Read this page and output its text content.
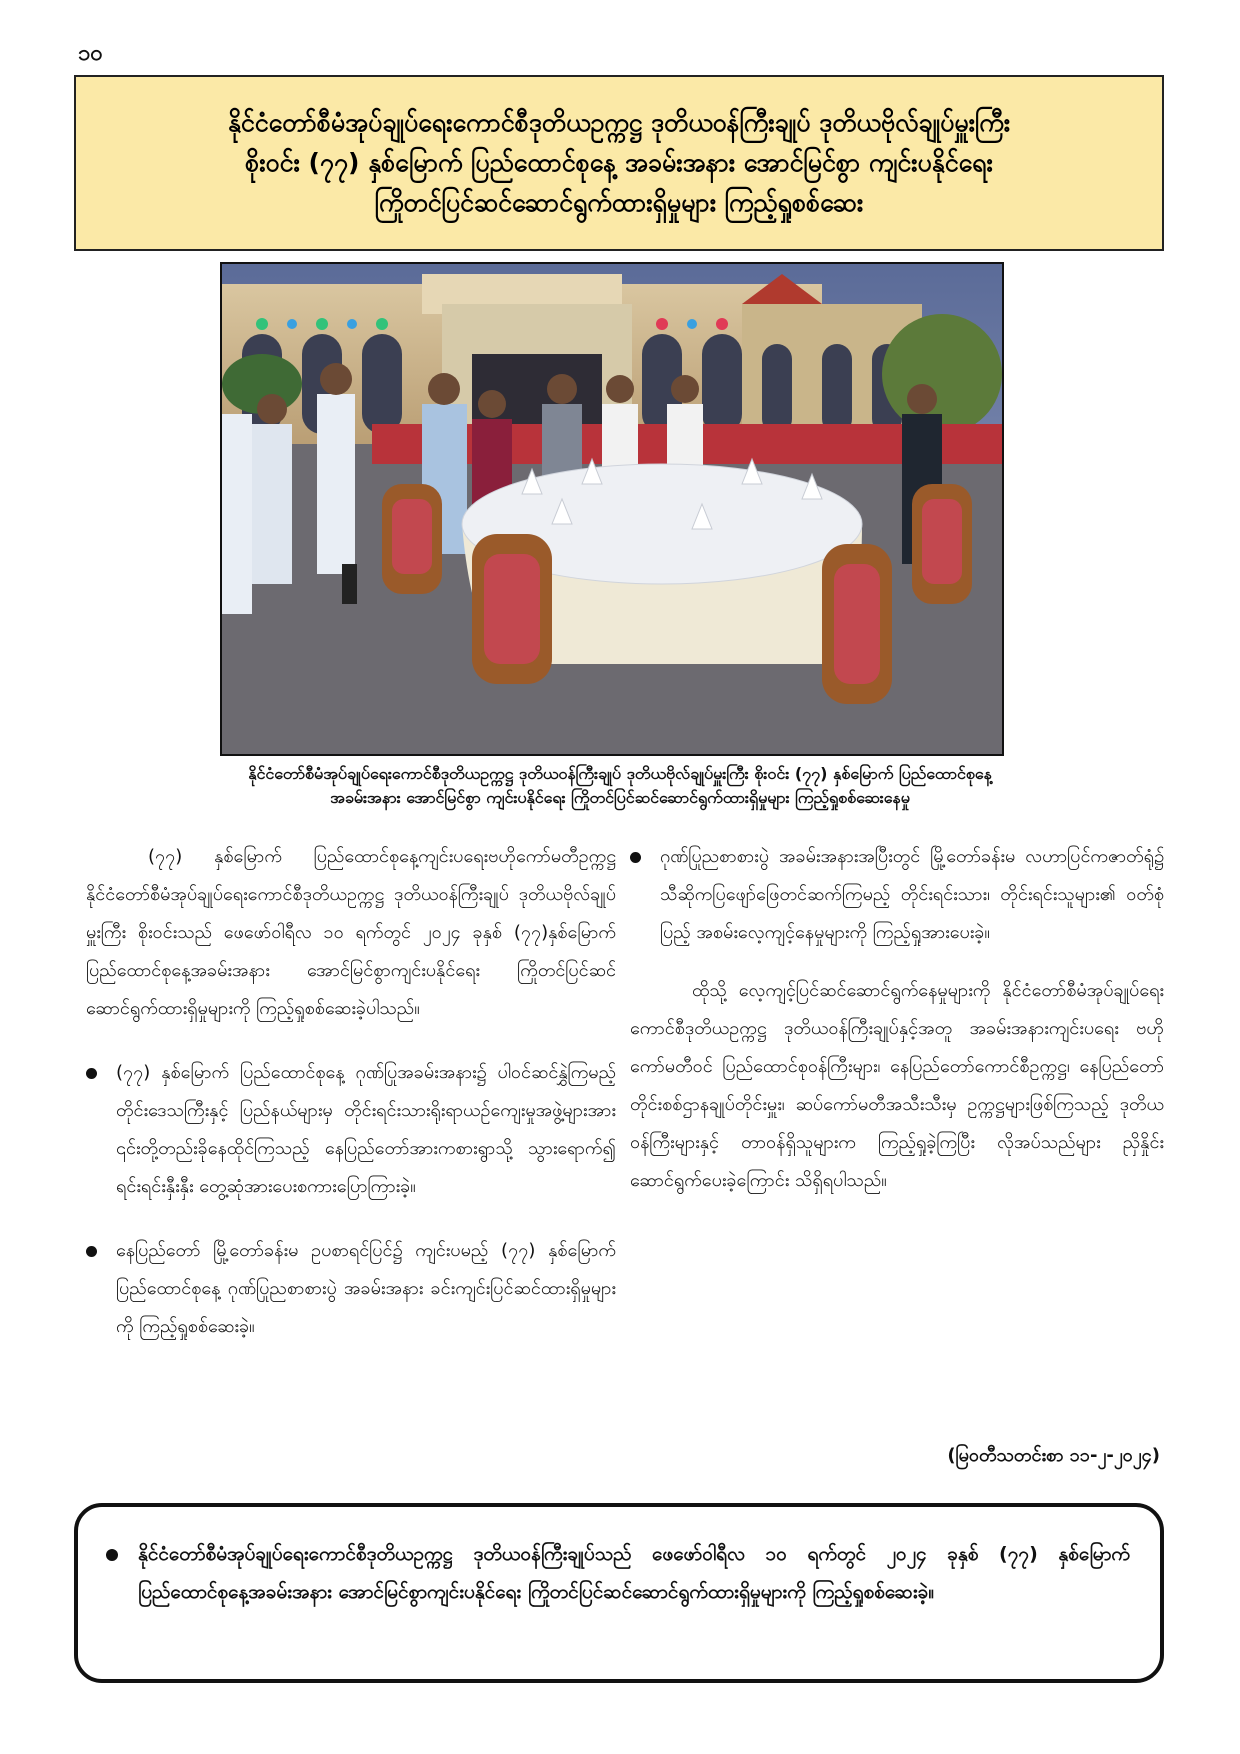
၁၀
နိုင်ငံတော်စီမံအုပ်ချုပ်ရေးကောင်စီဒုတိယဥက္ကဋ္ဌ ဒုတိယဝန်ကြီးချုပ် ဒုတိယဗိုလ်ချုပ်မှူးကြီး
စိုးဝင်း (၇၇) နှစ်မြောက် ပြည်ထောင်စုနေ့ အခမ်းအနား အောင်မြင်စွာ ကျင်းပနိုင်ရေး
ကြိုတင်ပြင်ဆင်ဆောင်ရွက်ထားရှိမှုများ ကြည့်ရှုစစ်ဆေး
နိုင်ငံတော်စီမံအုပ်ချုပ်ရေးကောင်စီဒုတိယဥက္ကဋ္ဌ ဒုတိယဝန်ကြီးချုပ် ဒုတိယဗိုလ်ချုပ်မှူးကြီး စိုးဝင်း (၇၇) နှစ်မြောက် ပြည်ထောင်စုနေ့
အခမ်းအနား အောင်မြင်စွာ ကျင်းပနိုင်ရေး ကြိုတင်ပြင်ဆင်ဆောင်ရွက်ထားရှိမှုများ ကြည့်ရှုစစ်ဆေးနေမှု

(၇၇) နှစ်မြောက် ပြည်ထောင်စုနေ့ကျင်းပရေးဗဟိုကော်မတီဥက္ကဋ္ဌ နိုင်ငံတော်စီမံအုပ်ချုပ်ရေးကောင်စီဒုတိယဥက္ကဋ္ဌ ဒုတိယဝန်ကြီးချုပ် ဒုတိယဗိုလ်ချုပ်မှူးကြီး စိုးဝင်းသည် ဖေဖော်ဝါရီလ ၁၀ ရက်တွင် ၂၀၂၄ ခုနှစ် (၇၇)နှစ်မြောက် ပြည်ထောင်စုနေ့အခမ်းအနား အောင်မြင်စွာကျင်းပနိုင်ရေး ကြိုတင်ပြင်ဆင်ဆောင်ရွက်ထားရှိမှုများကို ကြည့်ရှုစစ်ဆေးခဲ့ပါသည်။

(၇၇) နှစ်မြောက် ပြည်ထောင်စုနေ့ ဂုဏ်ပြုအခမ်းအနား၌ ပါဝင်ဆင်နွှဲကြမည့် တိုင်းဒေသကြီးနှင့် ပြည်နယ်များမှ တိုင်းရင်းသားရိုးရာယဉ်ကျေးမှုအဖွဲ့များအား ၎င်းတို့တည်းခိုနေထိုင်ကြသည့် နေပြည်တော်အားကစားရွာသို့ သွားရောက်၍ ရင်းရင်းနှီးနှီး တွေ့ဆုံအားပေးစကားပြောကြားခဲ့။
နေပြည်တော် မြို့တော်ခန်းမ ဥပစာရင်ပြင်၌ ကျင်းပမည့် (၇၇) နှစ်မြောက် ပြည်ထောင်စုနေ့ ဂုဏ်ပြုညစာစားပွဲ အခမ်းအနား ခင်းကျင်းပြင်ဆင်ထားရှိမှုများကို ကြည့်ရှုစစ်ဆေးခဲ့။
ဂုဏ်ပြုညစာစားပွဲ အခမ်းအနားအပြီးတွင် မြို့တော်ခန်းမ လဟာပြင်ကဇာတ်ရုံ၌ သီဆိုကပြဖျော်ဖြေတင်ဆက်ကြမည့် တိုင်းရင်းသား၊ တိုင်းရင်းသူများ၏ ဝတ်စုံပြည့် အစမ်းလေ့ကျင့်နေမှုများကို ကြည့်ရှုအားပေးခဲ့။

ထိုသို့ လေ့ကျင့်ပြင်ဆင်ဆောင်ရွက်နေမှုများကို နိုင်ငံတော်စီမံအုပ်ချုပ်ရေးကောင်စီဒုတိယဥက္ကဋ္ဌ ဒုတိယဝန်ကြီးချုပ်နှင့်အတူ အခမ်းအနားကျင်းပရေး ဗဟိုကော်မတီဝင် ပြည်ထောင်စုဝန်ကြီးများ၊ နေပြည်တော်ကောင်စီဥက္ကဋ္ဌ၊ နေပြည်တော်တိုင်းစစ်ဌာနချုပ်တိုင်းမှူး၊ ဆပ်ကော်မတီအသီးသီးမှ ဥက္ကဋ္ဌများဖြစ်ကြသည့် ဒုတိယဝန်ကြီးများနှင့် တာဝန်ရှိသူများက ကြည့်ရှုခဲ့ကြပြီး လိုအပ်သည်များ ညှိနှိုင်းဆောင်ရွက်ပေးခဲ့ကြောင်း သိရှိရပါသည်။

(မြဝတီသတင်းစာ ၁၁-၂-၂၀၂၄)
နိုင်ငံတော်စီမံအုပ်ချုပ်ရေးကောင်စီဒုတိယဥက္ကဋ္ဌ ဒုတိယဝန်ကြီးချုပ်သည် ဖေဖော်ဝါရီလ ၁၀ ရက်တွင် ၂၀၂၄ ခုနှစ် (၇၇) နှစ်မြောက် ပြည်ထောင်စုနေ့အခမ်းအနား အောင်မြင်စွာကျင်းပနိုင်ရေး ကြိုတင်ပြင်ဆင်ဆောင်ရွက်ထားရှိမှုများကို ကြည့်ရှုစစ်ဆေးခဲ့။
